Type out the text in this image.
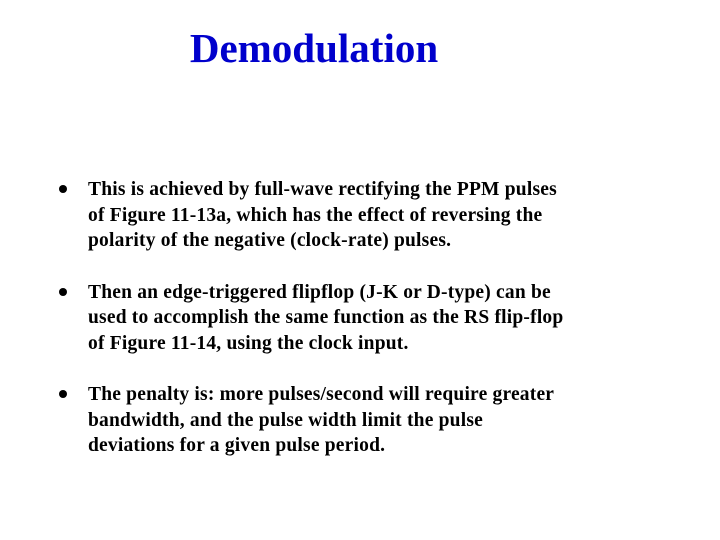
Demodulation
This is achieved by full-wave rectifying the PPM pulses
of Figure 11-13a, which has the effect of reversing the
polarity of the negative (clock-rate) pulses.
Then an edge-triggered flipflop (J-K or D-type) can be
used to accomplish the same function as the RS flip-flop
of Figure 11-14, using the clock input.
The penalty is: more pulses/second will require greater
bandwidth, and the pulse width limit the pulse
deviations for a given pulse period.
